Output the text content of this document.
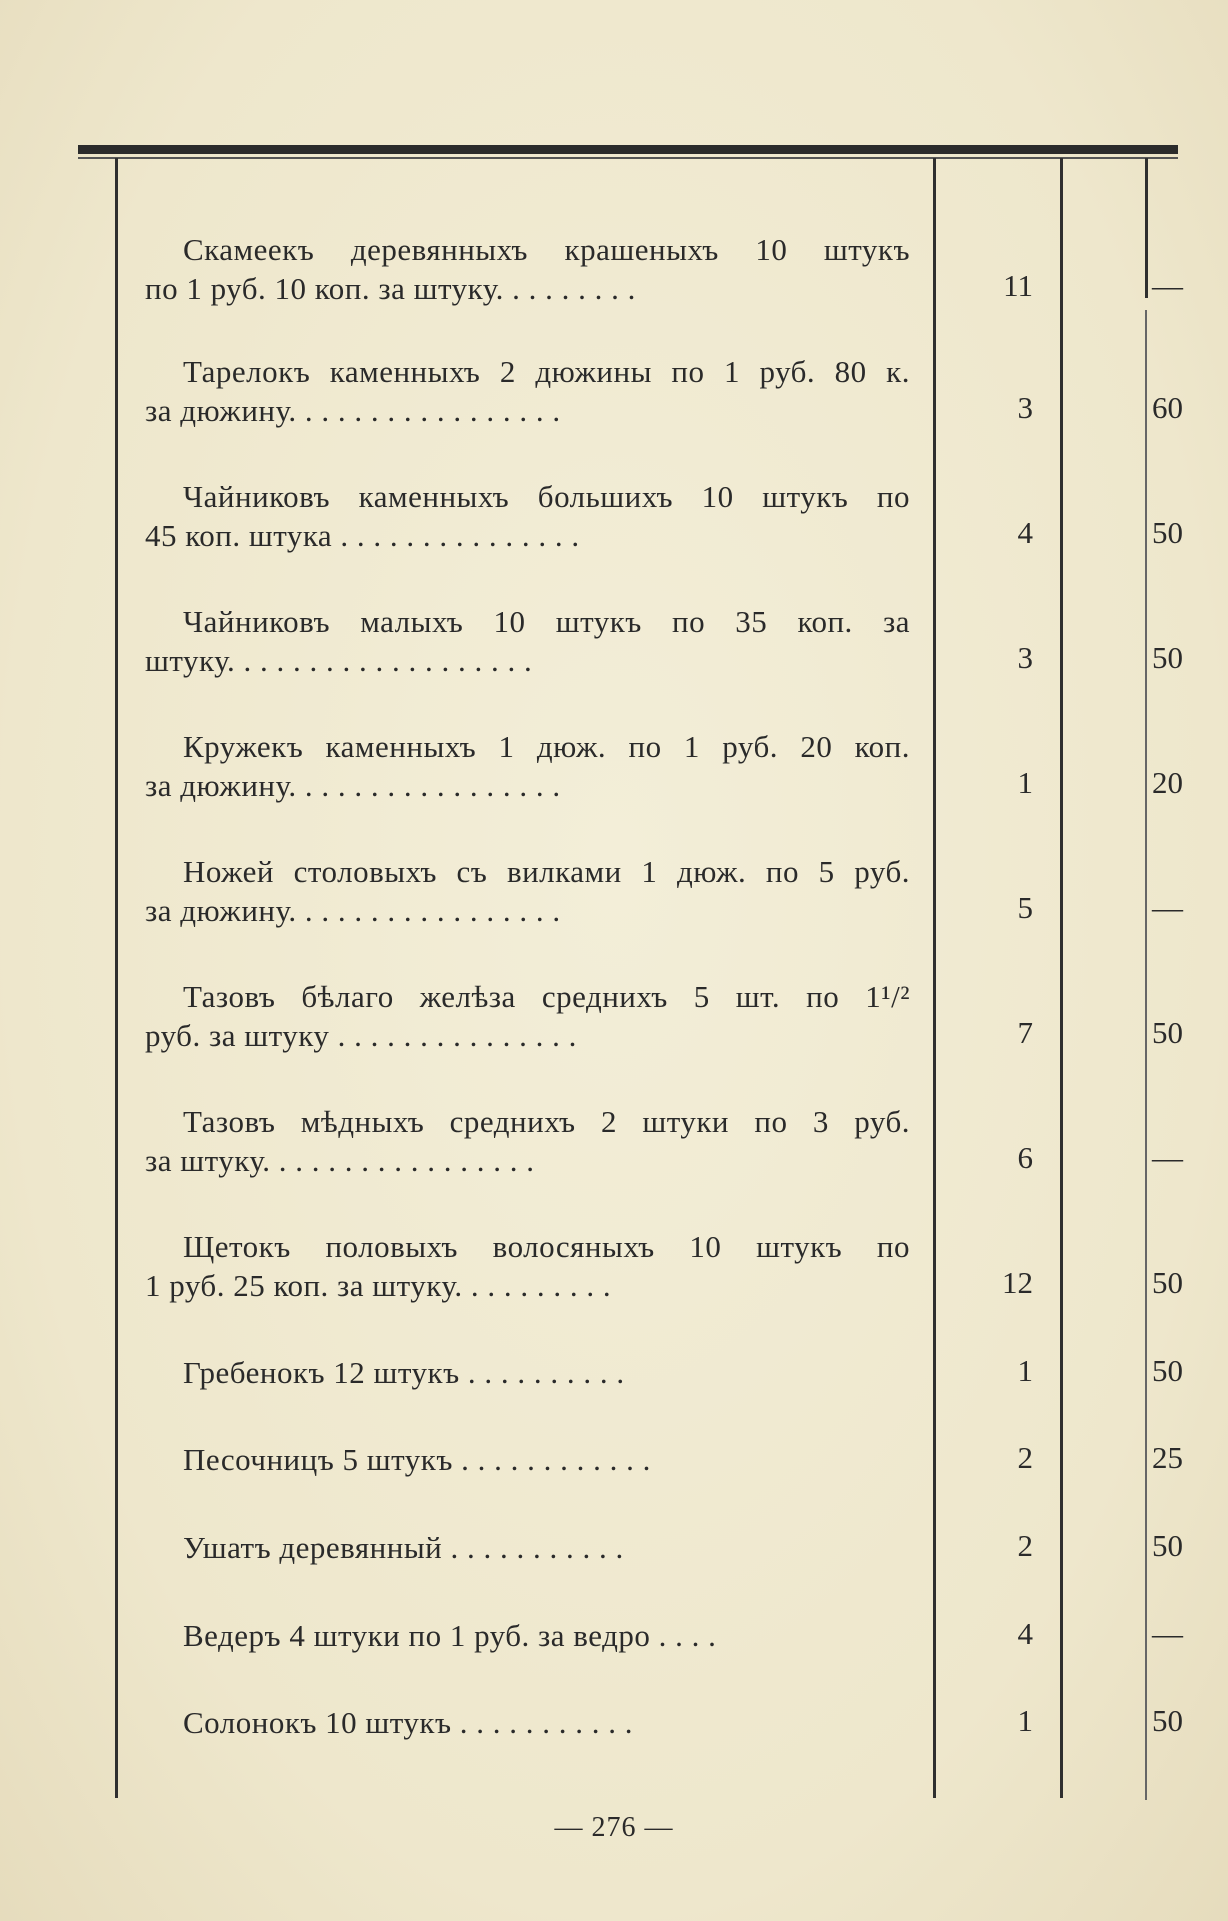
Скамеекъ деревянныхъ крашеныхъ 10 штукъ
по 1 руб. 10 коп. за штуку. . . . . . . . .	11	—
Тарелокъ каменныхъ 2 дюжины по 1 руб. 80 к.
за дюжину. . . . . . . . . . . . . . . . .	3	60
Чайниковъ каменныхъ большихъ 10 штукъ по
45 коп. штука . . . . . . . . . . . . . . .	4	50
Чайниковъ малыхъ 10 штукъ по 35 коп. за
штуку. . . . . . . . . . . . . . . . . . .	3	50
Кружекъ каменныхъ 1 дюж. по 1 руб. 20 коп.
за дюжину. . . . . . . . . . . . . . . . .	1	20
Ножей столовыхъ съ вилками 1 дюж. по 5 руб.
за дюжину. . . . . . . . . . . . . . . . .	5	—
Тазовъ бѣлаго желѣза среднихъ 5 шт. по 1¹/²
руб. за штуку . . . . . . . . . . . . . . .	7	50
Тазовъ мѣдныхъ среднихъ 2 штуки по 3 руб.
за штуку. . . . . . . . . . . . . . . . .	6	—
Щетокъ половыхъ волосяныхъ 10 штукъ по
1 руб. 25 коп. за штуку. . . . . . . . . .	12	50
Гребенокъ 12 штукъ . . . . . . . . . .	1	50
Песочницъ 5 штукъ . . . . . . . . . . . .	2	25
Ушатъ деревянный . . . . . . . . . . .	2	50
Ведеръ 4 штуки по 1 руб. за ведро . . . .	4	—
Солонокъ 10 штукъ . . . . . . . . . . .	1	50
— 276 —
